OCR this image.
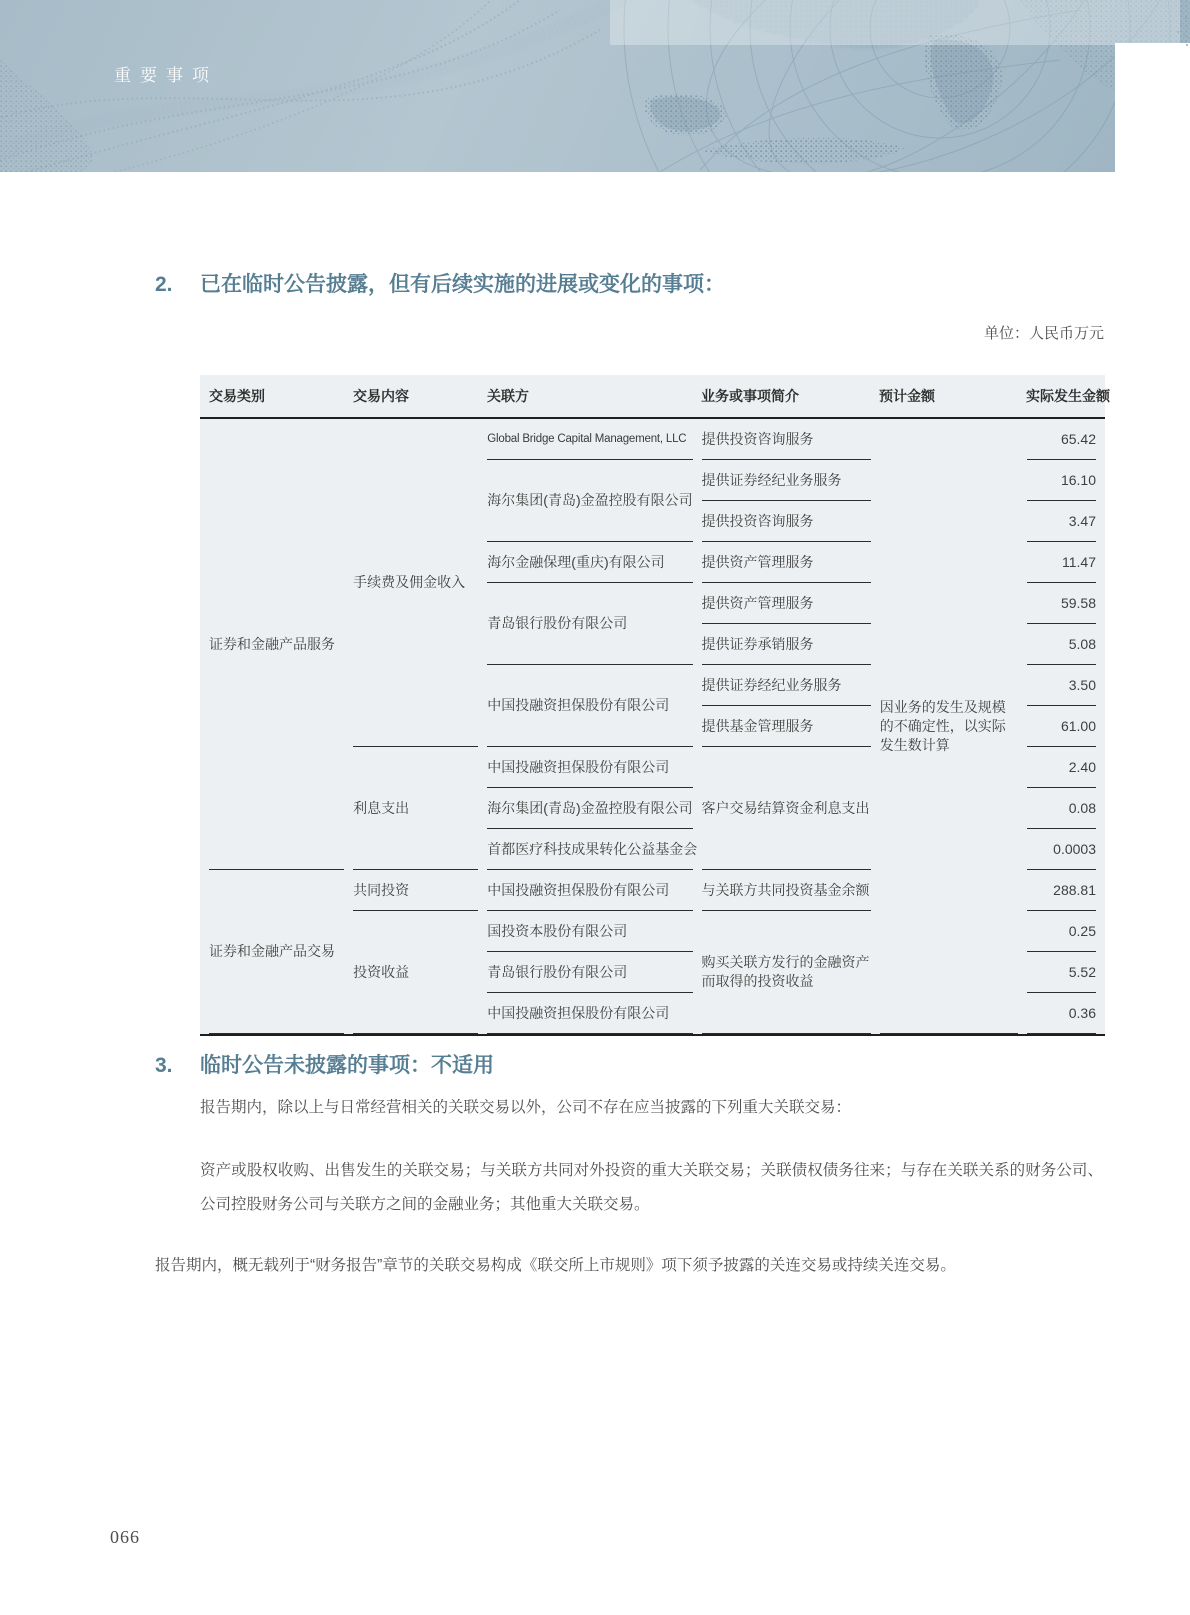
重要事项
2. 已在临时公告披露，但有后续实施的进展或变化的事项：
单位：人民币万元
交易类别	交易内容	关联方	业务或事项简介	预计金额	实际发生金额
证券和金融产品服务	手续费及佣金收入	Global Bridge Capital Management, LLC	提供投资咨询服务	因业务的发生及规模的不确定性，以实际发生数计算	65.42
		海尔集团(青岛)金盈控股有限公司	提供证券经纪业务服务		16.10
			提供投资咨询服务		3.47
		海尔金融保理(重庆)有限公司	提供资产管理服务		11.47
		青岛银行股份有限公司	提供资产管理服务		59.58
			提供证券承销服务		5.08
		中国投融资担保股份有限公司	提供证券经纪业务服务		3.50
			提供基金管理服务		61.00
	利息支出	中国投融资担保股份有限公司	客户交易结算资金利息支出		2.40
		海尔集团(青岛)金盈控股有限公司			0.08
		首都医疗科技成果转化公益基金会			0.0003
证券和金融产品交易	共同投资	中国投融资担保股份有限公司	与关联方共同投资基金余额		288.81
	投资收益	国投资本股份有限公司	购买关联方发行的金融资产而取得的投资收益		0.25
		青岛银行股份有限公司			5.52
		中国投融资担保股份有限公司			0.36
3. 临时公告未披露的事项：不适用
报告期内，除以上与日常经营相关的关联交易以外，公司不存在应当披露的下列重大关联交易：
资产或股权收购、出售发生的关联交易；与关联方共同对外投资的重大关联交易；关联债权债务往来；与存在关联关系的财务公司、公司控股财务公司与关联方之间的金融业务；其他重大关联交易。
报告期内，概无载列于“财务报告”章节的关联交易构成《联交所上市规则》项下须予披露的关连交易或持续关连交易。
066
